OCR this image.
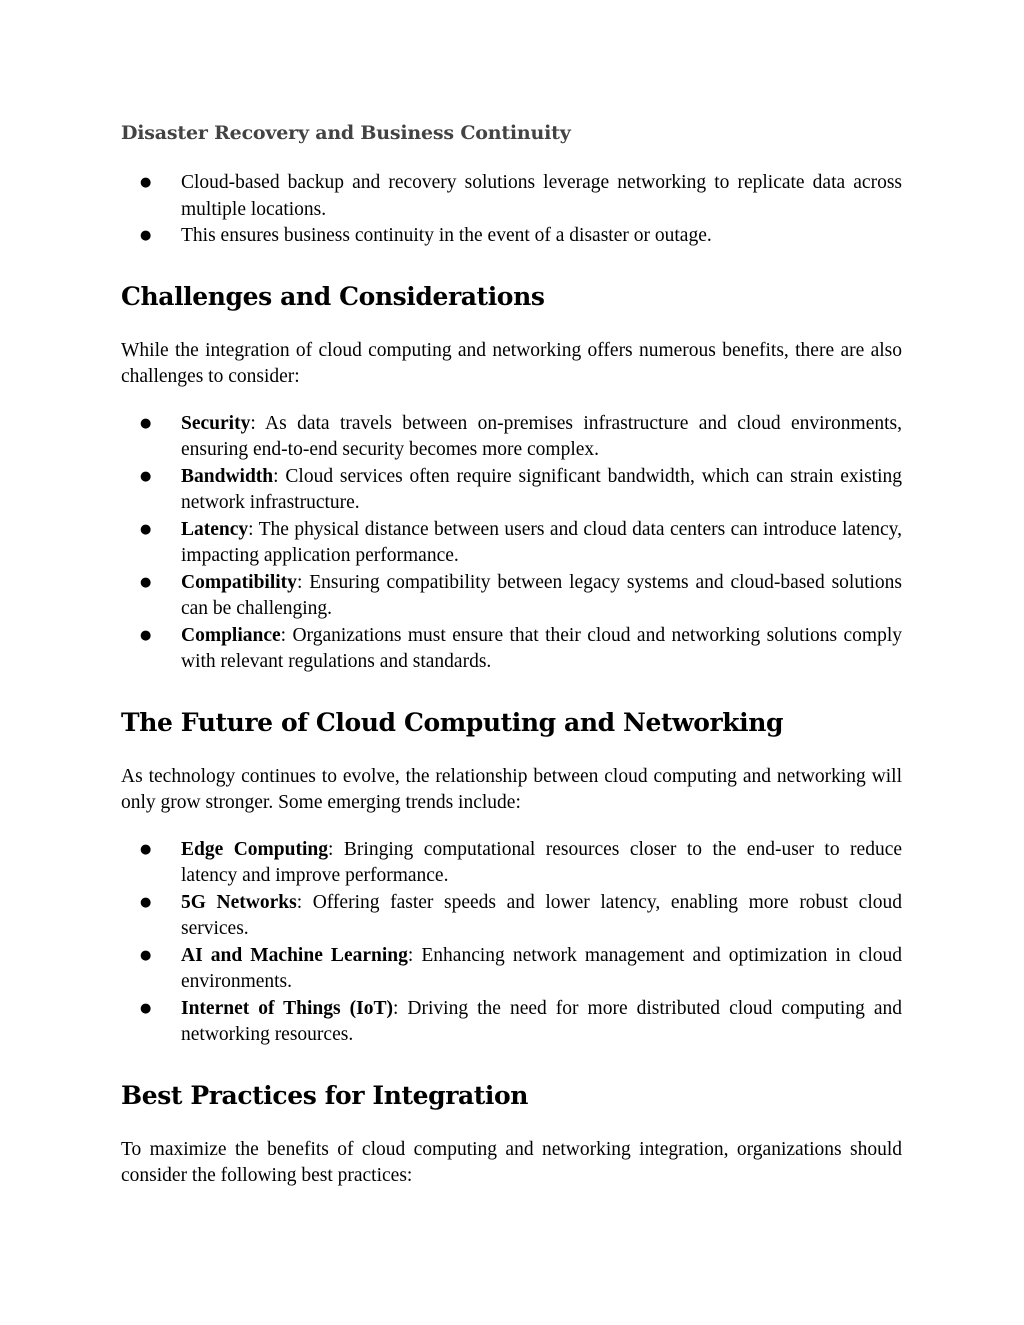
Disaster Recovery and Business Continuity
● Cloud-based backup and recovery solutions leverage networking to replicate data across multiple locations.
● This ensures business continuity in the event of a disaster or outage.
Challenges and Considerations

While the integration of cloud computing and networking offers numerous benefits, there are also challenges to consider:

● Security: As data travels between on-premises infrastructure and cloud environments, ensuring end-to-end security becomes more complex.
● Bandwidth: Cloud services often require significant bandwidth, which can strain existing network infrastructure.
● Latency: The physical distance between users and cloud data centers can introduce latency, impacting application performance.
● Compatibility: Ensuring compatibility between legacy systems and cloud-based solutions can be challenging.
● Compliance: Organizations must ensure that their cloud and networking solutions comply with relevant regulations and standards.
The Future of Cloud Computing and Networking

As technology continues to evolve, the relationship between cloud computing and networking will only grow stronger. Some emerging trends include:

● Edge Computing: Bringing computational resources closer to the end-user to reduce latency and improve performance.
● 5G Networks: Offering faster speeds and lower latency, enabling more robust cloud services.
● AI and Machine Learning: Enhancing network management and optimization in cloud environments.
● Internet of Things (IoT): Driving the need for more distributed cloud computing and networking resources.
Best Practices for Integration

To maximize the benefits of cloud computing and networking integration, organizations should consider the following best practices:
